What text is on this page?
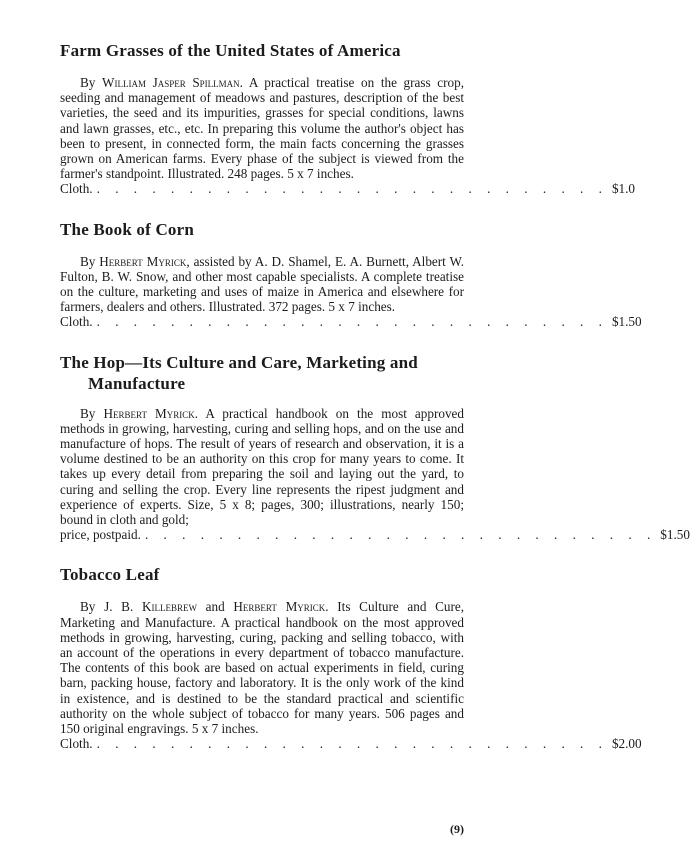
Farm Grasses of the United States of America

By William Jasper Spillman. A practical treatise on the grass crop, seeding and management of meadows and pastures, description of the best varieties, the seed and its impurities, grasses for special conditions, lawns and lawn grasses, etc., etc. In preparing this volume the author's object has been to present, in connected form, the main facts concerning the grasses grown on American farms. Every phase of the subject is viewed from the farmer's standpoint. Illustrated. 248 pages. 5 x 7 inches.

Cloth. . . . . . . . . . . . . . . . . . . . . . . . . . . . . $1.0
The Book of Corn

By Herbert Myrick, assisted by A. D. Shamel, E. A. Burnett, Albert W. Fulton, B. W. Snow, and other most capable specialists. A complete treatise on the culture, marketing and uses of maize in America and elsewhere for farmers, dealers and others. Illustrated. 372 pages. 5 x 7 inches.

Cloth. . . . . . . . . . . . . . . . . . . . . . . . . . . . . $1.50
The Hop—Its Culture and Care, Marketing and
Manufacture

By Herbert Myrick. A practical handbook on the most approved methods in growing, harvesting, curing and selling hops, and on the use and manufacture of hops. The result of years of research and observation, it is a volume destined to be an authority on this crop for many years to come. It takes up every detail from preparing the soil and laying out the yard, to curing and selling the crop. Every line represents the ripest judgment and experience of experts. Size, 5 x 8; pages, 300; illustrations, nearly 150; bound in cloth and gold;

price, postpaid. . . . . . . . . . . . . . . . . . . . . . . . . . . . . $1.50
Tobacco Leaf

By J. B. Killebrew and Herbert Myrick. Its Culture and Cure, Marketing and Manufacture. A practical handbook on the most approved methods in growing, harvesting, curing, packing and selling tobacco, with an account of the operations in every department of tobacco manufacture. The contents of this book are based on actual experiments in field, curing barn, packing house, factory and laboratory. It is the only work of the kind in existence, and is destined to be the standard practical and scientific authority on the whole subject of tobacco for many years. 506 pages and 150 original engravings. 5 x 7 inches.

Cloth. . . . . . . . . . . . . . . . . . . . . . . . . . . . . $2.00
(9)
